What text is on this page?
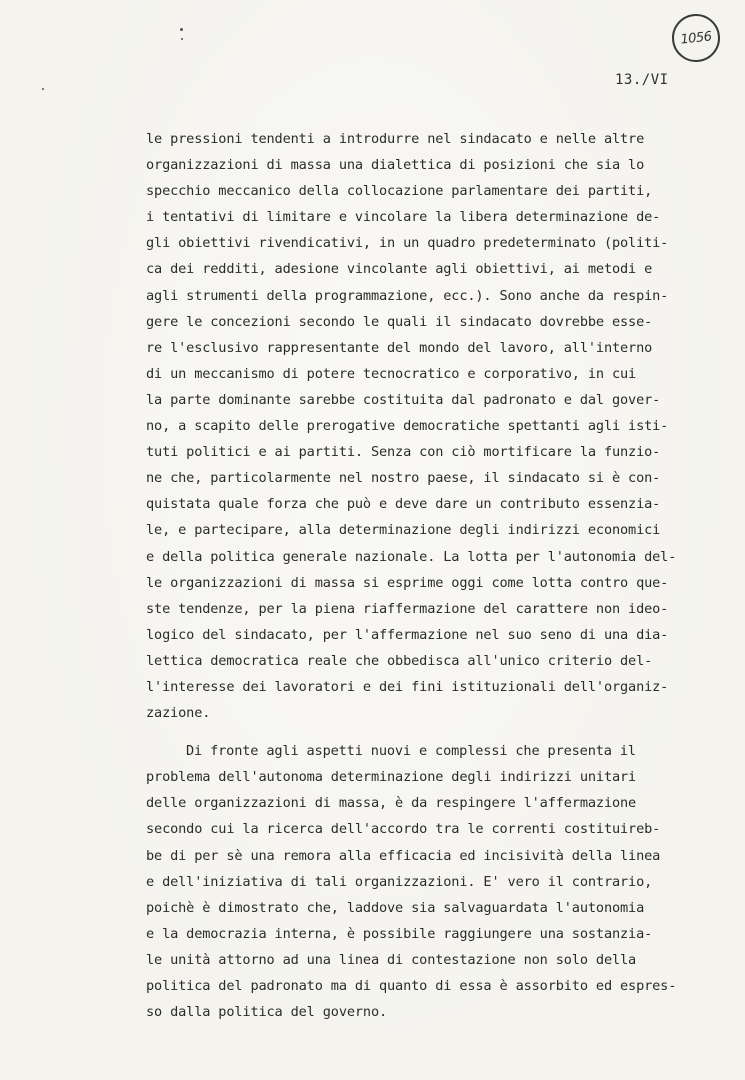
1056
13./VI
le pressioni tendenti a introdurre nel sindacato e nelle altre
organizzazioni di massa una dialettica di posizioni che sia lo
specchio meccanico della collocazione parlamentare dei partiti,
i tentativi di limitare e vincolare la libera determinazione de-
gli obiettivi rivendicativi, in un quadro predeterminato (politi-
ca dei redditi, adesione vincolante agli obiettivi, ai metodi e
agli strumenti della programmazione, ecc.). Sono anche da respin-
gere le concezioni secondo le quali il sindacato dovrebbe esse-
re l'esclusivo rappresentante del mondo del lavoro, all'interno
di un meccanismo di potere tecnocratico e corporativo, in cui
la parte dominante sarebbe costituita dal padronato e dal gover-
no, a scapito delle prerogative democratiche spettanti agli isti-
tuti politici e ai partiti. Senza con ciò mortificare la funzio-
ne che, particolarmente nel nostro paese, il sindacato si è con-
quistata quale forza che può e deve dare un contributo essenzia-
le, e partecipare, alla determinazione degli indirizzi economici
e della politica generale nazionale. La lotta per l'autonomia del-
le organizzazioni di massa si esprime oggi come lotta contro que-
ste tendenze, per la piena riaffermazione del carattere non ideo-
logico del sindacato, per l'affermazione nel suo seno di una dia-
lettica democratica reale che obbedisca all'unico criterio del-
l'interesse dei lavoratori e dei fini istituzionali dell'organiz-
zazione.
Di fronte agli aspetti nuovi e complessi che presenta il
problema dell'autonoma determinazione degli indirizzi unitari
delle organizzazioni di massa, è da respingere l'affermazione
secondo cui la ricerca dell'accordo tra le correnti costituireb-
be di per sè una remora alla efficacia ed incisività della linea
e dell'iniziativa di tali organizzazioni. E' vero il contrario,
poichè è dimostrato che, laddove sia salvaguardata l'autonomia
e la democrazia interna, è possibile raggiungere una sostanzia-
le unità attorno ad una linea di contestazione non solo della
politica del padronato ma di quanto di essa è assorbito ed espres-
so dalla politica del governo.
